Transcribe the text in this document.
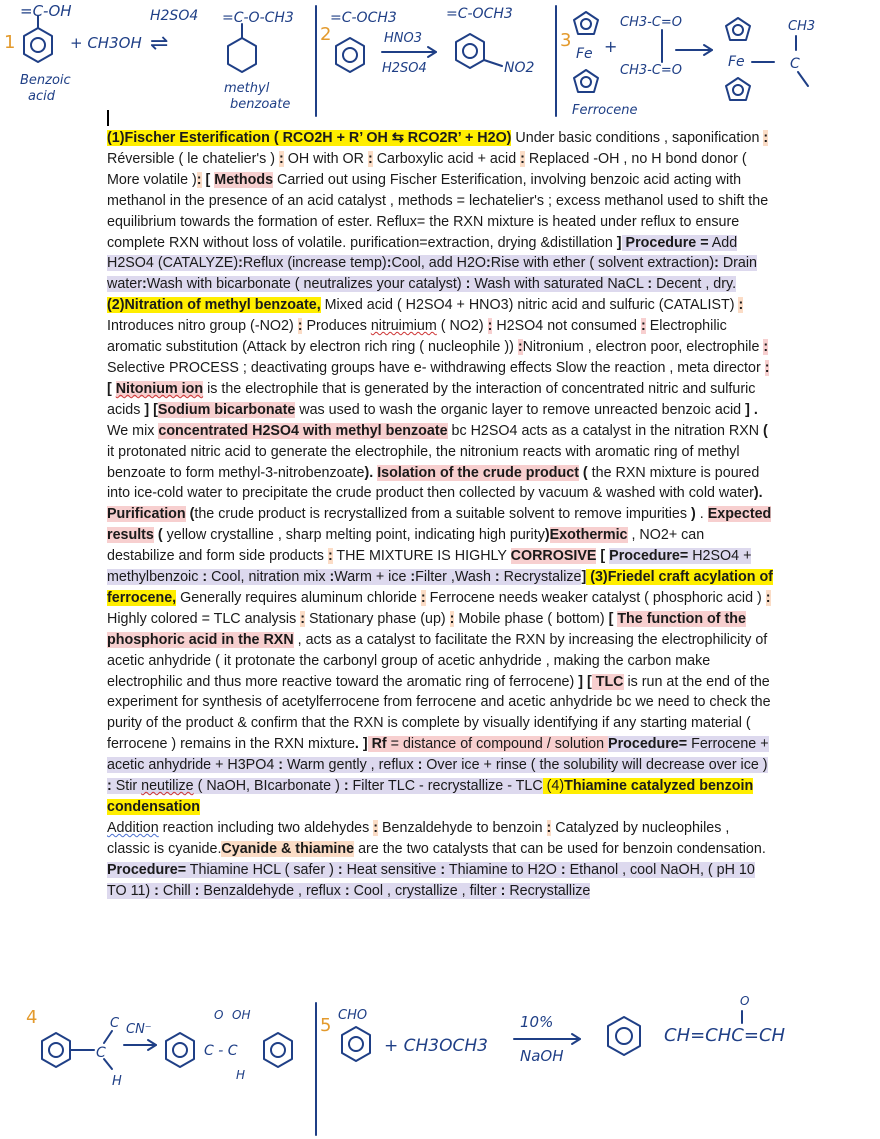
1
=C-OH
Benzoic
acid
+ CH3OH
H2SO4
⇌
=C-O-CH3
methyl
benzoate
2
=C-OCH3
HNO3
H2SO4
=C-OCH3
NO2
3
Fe
Ferrocene
+
CH3-C=O
CH3-C=O
Fe
CH3
C
(1)Fischer Esterification ( RCO2H + R’ OH ⇆ RCO2R’ + H2O) Under basic conditions , saponification : Réversible ( le chatelier's ) : OH with OR : Carboxylic acid + acid : Replaced -OH , no H bond donor ( More volatile ): [ Methods Carried out using Fischer Esterification, involving benzoic acid acting with methanol in the presence of an acid catalyst , methods = lechatelier's ; excess methanol used to shift the equilibrium towards the formation of ester. Reflux= the RXN mixture is heated under reflux to ensure complete RXN without loss of volatile. purification=extraction, drying &distillation ] Procedure = Add H2SO4 (CATALYZE):Reflux (increase temp):Cool, add H2O:Rise with ether ( solvent extraction): Drain water:Wash with bicarbonate ( neutralizes your catalyst) : Wash with saturated NaCL : Decent , dry. (2)Nitration of methyl benzoate, Mixed acid ( H2SO4 + HNO3) nitric acid and sulfuric (CATALIST) : Introduces nitro group (-NO2) : Produces nitruimium ( NO2) : H2SO4 not consumed : Electrophilic aromatic substitution (Attack by electron rich ring ( nucleophile )) :Nitronium , electron poor, electrophile : Selective PROCESS ; deactivating groups have e- withdrawing effects Slow the reaction , meta director : [ Nitonium ion is the electrophile that is generated by the interaction of concentrated nitric and sulfuric acids ] [Sodium bicarbonate was used to wash the organic layer to remove unreacted benzoic acid ] . We mix concentrated H2SO4 with methyl benzoate bc H2SO4 acts as a catalyst in the nitration RXN ( it protonated nitric acid to generate the electrophile, the nitronium reacts with aromatic ring of methyl benzoate to form methyl-3-nitrobenzoate). Isolation of the crude product ( the RXN mixture is poured into ice-cold water to precipitate the crude product then collected by vacuum & washed with cold water). Purification (the crude product is recrystallized from a suitable solvent to remove impurities ) . Expected results ( yellow crystalline , sharp melting point, indicating high purity)Exothermic , NO2+ can destabilize and form side products : THE MIXTURE IS HIGHLY CORROSIVE [ Procedure= H2SO4 + methylbenzoic : Cool, nitration mix :Warm + ice :Filter ,Wash : Recrystalize] (3)Friedel craft acylation of ferrocene, Generally requires aluminum chloride : Ferrocene needs weaker catalyst ( phosphoric acid ) : Highly colored = TLC analysis : Stationary phase (up) : Mobile phase ( bottom) [ The function of the phosphoric acid in the RXN , acts as a catalyst to facilitate the RXN by increasing the electrophilicity of acetic anhydride ( it protonate the carbonyl group of acetic anhydride , making the carbon make electrophilic and thus more reactive toward the aromatic ring of ferrocene) ] [ TLC is run at the end of the experiment for synthesis of acetylferrocene from ferrocene and acetic anhydride bc we need to check the purity of the product & confirm that the RXN is complete by visually identifying if any starting material ( ferrocene ) remains in the RXN mixture. ] Rf = distance of compound / solution Procedure= Ferrocene + acetic anhydride + H3PO4 : Warm gently , reflux : Over ice + rinse ( the solubility will decrease over ice ) : Stir neutilize ( NaOH, BIcarbonate ) : Filter TLC - recrystallize - TLC (4)Thiamine catalyzed benzoin condensation
Addition reaction including two aldehydes : Benzaldehyde to benzoin : Catalyzed by nucleophiles , classic is cyanide.Cyanide & thiamine are the two catalysts that can be used for benzoin condensation. Procedure= Thiamine HCL ( safer ) : Heat sensitive : Thiamine to H2O : Ethanol , cool NaOH, ( pH 10 TO 11) : Chill : Benzaldehyde , reflux : Cool , crystallize , filter : Recrystallize
4
C
C
H
CN⁻
O OH
C - C
H
5 CHO
+ CH3OCH3
10%
NaOH
CH=CHC=CH
O
